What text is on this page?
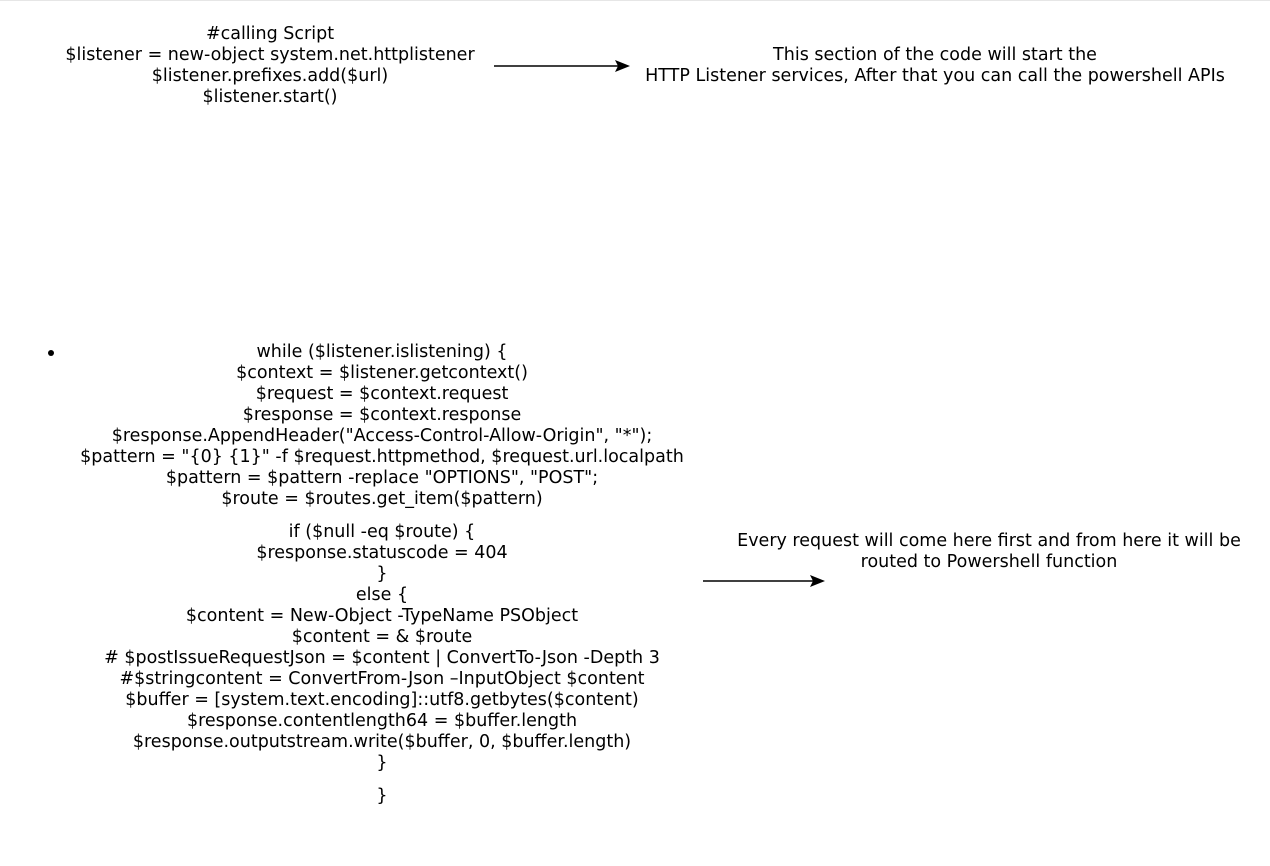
#calling Script
$listener = new-object system.net.httplistener
$listener.prefixes.add($url)
$listener.start()
This section of the code will start the
HTTP Listener services, After that you can call the powershell APIs
while ($listener.islistening) {
$context = $listener.getcontext()
$request = $context.request
$response = $context.response
$response.AppendHeader("Access-Control-Allow-Origin", "*");
$pattern = "{0} {1}" -f $request.httpmethod, $request.url.localpath
$pattern = $pattern -replace "OPTIONS", "POST";
$route = $routes.get_item($pattern)
if ($null -eq $route) {
$response.statuscode = 404
}
else {
$content = New-Object -TypeName PSObject
$content = & $route
# $postIssueRequestJson = $content | ConvertTo-Json -Depth 3
#$stringcontent = ConvertFrom-Json –InputObject $content
$buffer = [system.text.encoding]::utf8.getbytes($content)
$response.contentlength64 = $buffer.length
$response.outputstream.write($buffer, 0, $buffer.length)
}
}
Every request will come here first and from here it will be
routed to Powershell function
